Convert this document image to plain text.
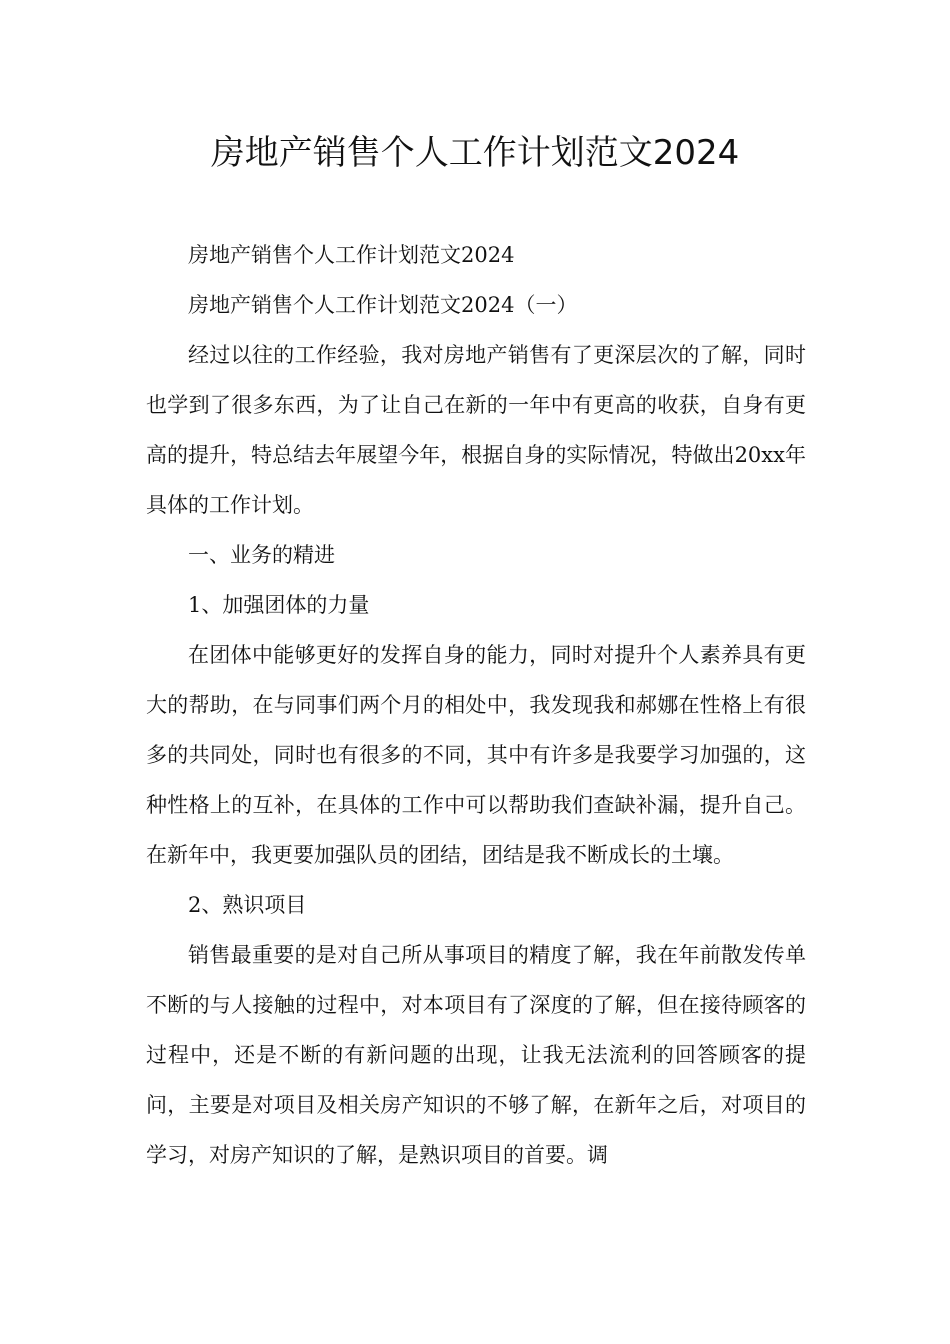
房地产销售个人工作计划范文2024

房地产销售个人工作计划范文2024

房地产销售个人工作计划范文2024（一）

经过以往的工作经验，我对房地产销售有了更深层次的了解，同时也学到了很多东西，为了让自己在新的一年中有更高的收获，自身有更高的提升，特总结去年展望今年，根据自身的实际情况，特做出20xx年具体的工作计划。

一、业务的精进

1、加强团体的力量

在团体中能够更好的发挥自身的能力，同时对提升个人素养具有更大的帮助，在与同事们两个月的相处中，我发现我和郝娜在性格上有很多的共同处，同时也有很多的不同，其中有许多是我要学习加强的，这种性格上的互补，在具体的工作中可以帮助我们查缺补漏，提升自己。在新年中，我更要加强队员的团结，团结是我不断成长的土壤。

2、熟识项目

销售最重要的是对自己所从事项目的精度了解，我在年前散发传单不断的与人接触的过程中，对本项目有了深度的了解，但在接待顾客的过程中，还是不断的有新问题的出现，让我无法流利的回答顾客的提问，主要是对项目及相关房产知识的不够了解，在新年之后，对项目的学习，对房产知识的了解，是熟识项目的首要。调
